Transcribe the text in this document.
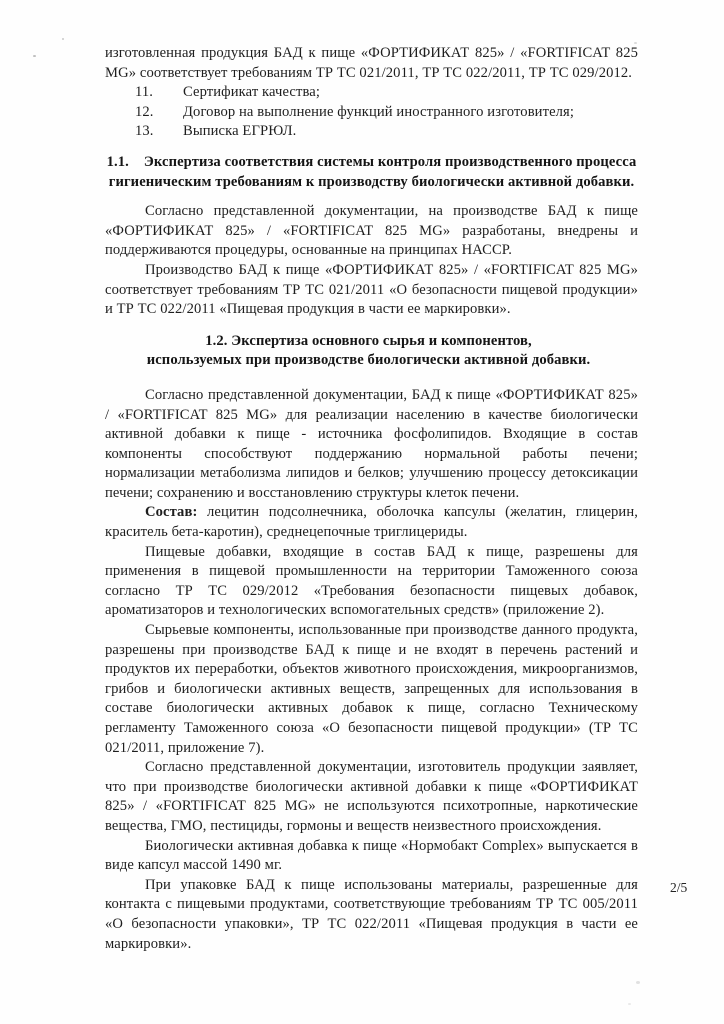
изготовленная продукция БАД к пище «ФОРТИФИКАТ 825» / «FORTIFICAT 825 MG» соответствует требованиям ТР ТС 021/2011, ТР ТС 022/2011, ТР ТС 029/2012.

11.	Сертификат качества;
12.	Договор на выполнение функций иностранного изготовителя;
13.	Выписка ЕГРЮЛ.
1.1.    Экспертиза соответствия системы контроля производственного процесса
гигиеническим требованиям к производству биологически активной добавки.

Согласно представленной документации, на производстве БАД к пище «ФОРТИФИКАТ 825» / «FORTIFICAT 825 MG» разработаны, внедрены и поддерживаются процедуры, основанные на принципах НАССР.

Производство БАД к пище «ФОРТИФИКАТ 825» / «FORTIFICAT 825 MG» соответствует требованиям ТР ТС 021/2011 «О безопасности пищевой продукции» и ТР ТС 022/2011 «Пищевая продукция в части ее маркировки».

1.2. Экспертиза основного сырья и компонентов,
используемых при производстве биологически активной добавки.

Согласно представленной документации, БАД к пище «ФОРТИФИКАТ 825» / «FORTIFICAT 825 MG» для реализации населению в качестве биологически активной добавки к пище - источника фосфолипидов. Входящие в состав компоненты способствуют поддержанию нормальной работы печени; нормализации метаболизма липидов и белков; улучшению процессу детоксикации печени; сохранению и восстановлению структуры клеток печени.

Состав: лецитин подсолнечника, оболочка капсулы (желатин, глицерин, краситель бета-каротин), среднецепочные триглицериды.

Пищевые добавки, входящие в состав БАД к пище, разрешены для применения в пищевой промышленности на территории Таможенного союза согласно ТР ТС 029/2012 «Требования безопасности пищевых добавок, ароматизаторов и технологических вспомогательных средств» (приложение 2).

Сырьевые компоненты, использованные при производстве данного продукта, разрешены при производстве БАД к пище и не входят в перечень растений и продуктов их переработки, объектов животного происхождения, микроорганизмов, грибов и биологически активных веществ, запрещенных для использования в составе биологически активных добавок к пище, согласно Техническому регламенту Таможенного союза «О безопасности пищевой продукции» (ТР ТС 021/2011, приложение 7).

Согласно представленной документации, изготовитель продукции заявляет, что при производстве биологически активной добавки к пище «ФОРТИФИКАТ 825» / «FORTIFICAT 825 MG» не используются психотропные, наркотические вещества, ГМО, пестициды, гормоны и веществ неизвестного происхождения.

Биологически активная добавка к пище «Нормобакт Complex» выпускается в виде капсул массой 1490 мг.

При упаковке БАД к пище использованы материалы, разрешенные для контакта с пищевыми продуктами, соответствующие требованиям ТР ТС 005/2011 «О безопасности упаковки», ТР ТС 022/2011 «Пищевая продукция в части ее маркировки».

2/5
